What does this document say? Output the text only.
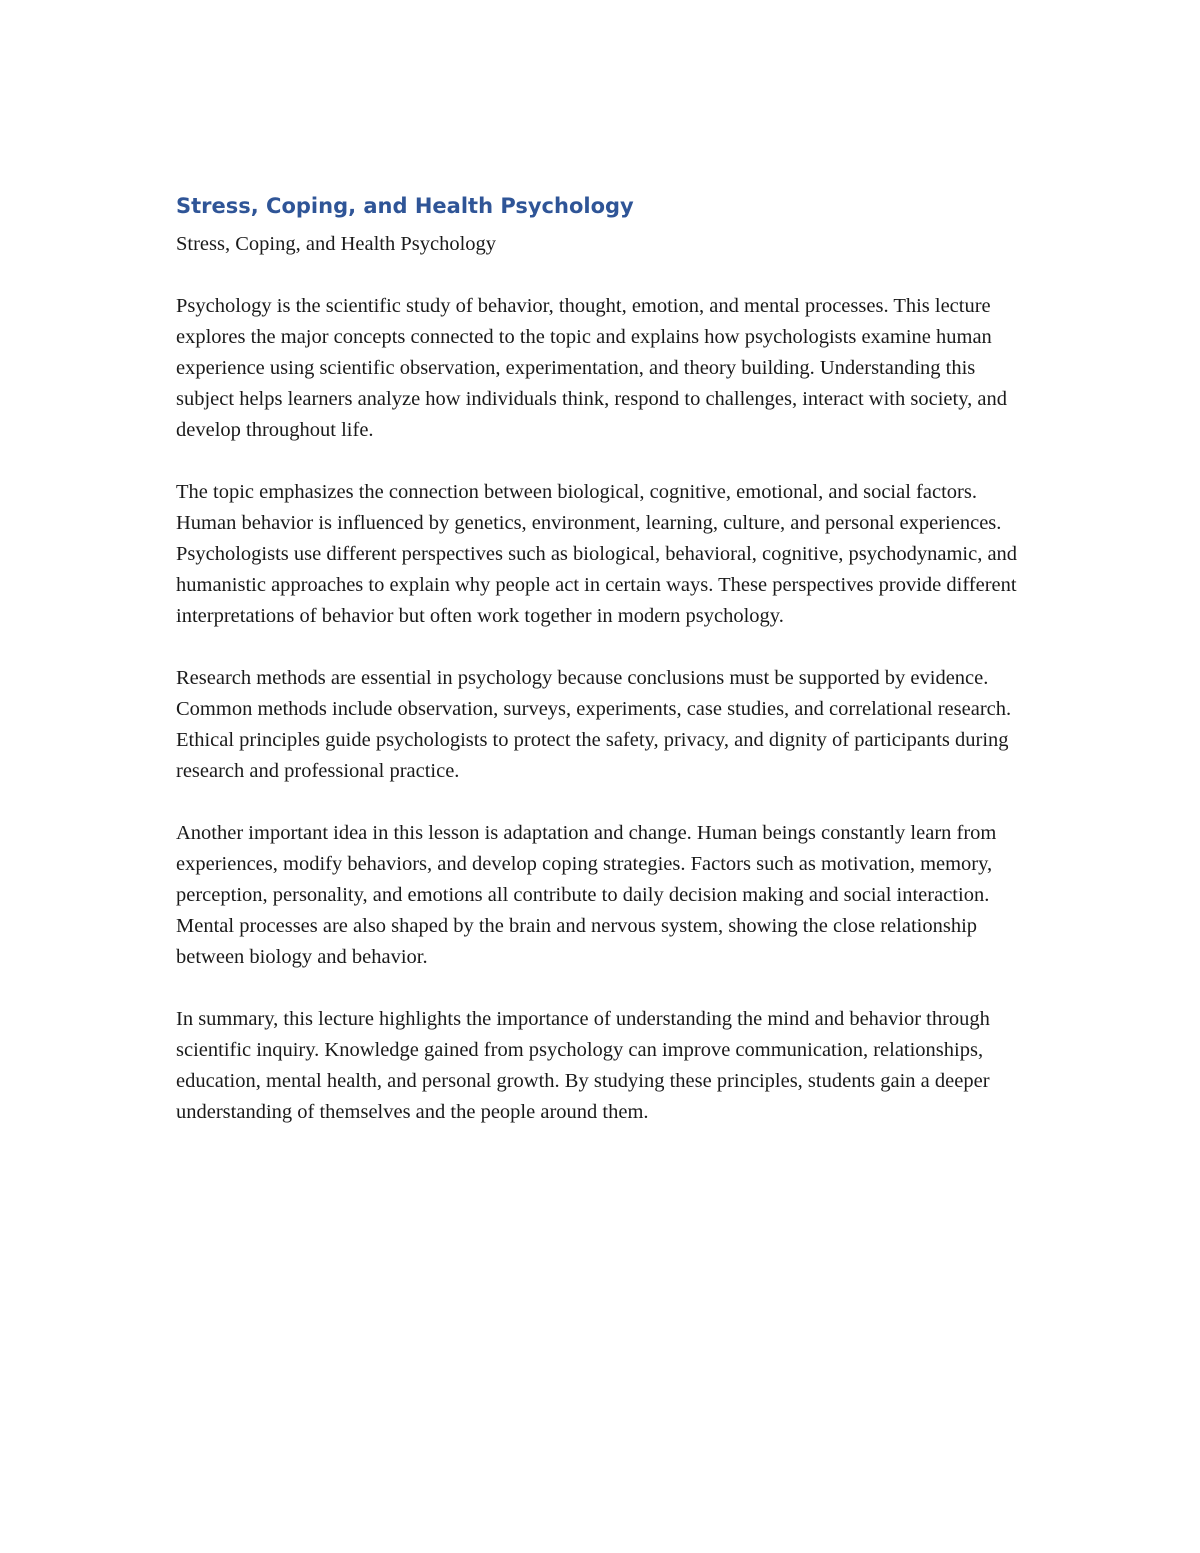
Stress, Coping, and Health Psychology

Stress, Coping, and Health Psychology

Psychology is the scientific study of behavior, thought, emotion, and mental processes. This lecture explores the major concepts connected to the topic and explains how psychologists examine human experience using scientific observation, experimentation, and theory building. Understanding this subject helps learners analyze how individuals think, respond to challenges, interact with society, and develop throughout life.

The topic emphasizes the connection between biological, cognitive, emotional, and social factors. Human behavior is influenced by genetics, environment, learning, culture, and personal experiences. Psychologists use different perspectives such as biological, behavioral, cognitive, psychodynamic, and humanistic approaches to explain why people act in certain ways. These perspectives provide different interpretations of behavior but often work together in modern psychology.

Research methods are essential in psychology because conclusions must be supported by evidence. Common methods include observation, surveys, experiments, case studies, and correlational research. Ethical principles guide psychologists to protect the safety, privacy, and dignity of participants during research and professional practice.

Another important idea in this lesson is adaptation and change. Human beings constantly learn from experiences, modify behaviors, and develop coping strategies. Factors such as motivation, memory, perception, personality, and emotions all contribute to daily decision making and social interaction. Mental processes are also shaped by the brain and nervous system, showing the close relationship between biology and behavior.

In summary, this lecture highlights the importance of understanding the mind and behavior through scientific inquiry. Knowledge gained from psychology can improve communication, relationships, education, mental health, and personal growth. By studying these principles, students gain a deeper understanding of themselves and the people around them.
